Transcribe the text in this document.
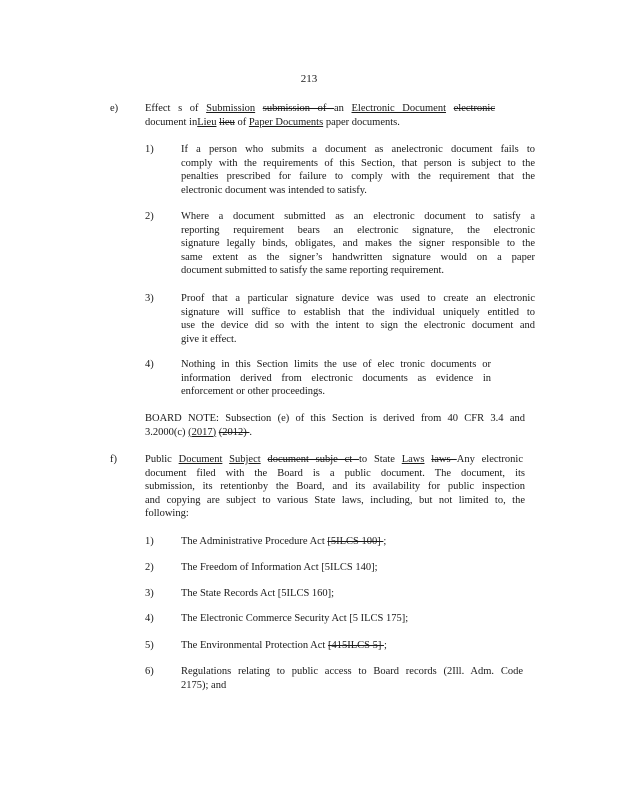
213
e)	Effect s of Submission submission of an Electronic Document electronic
document inLieu lieu of Paper Documents paper documents.
1)	If a person who submits a document as anelectronic document fails to
comply with the requirements of this Section, that person is subject to the
penalties prescribed for failure to comply with the requirement that the
electronic document was intended to satisfy.
2)	Where a document submitted as an electronic document to satisfy a
reporting requirement bears an electronic signature, the electronic
signature legally binds, obligates, and makes the signer responsible to the
same extent as the signer’s handwritten signature would on a paper
document submitted to satisfy the same reporting requirement.
3)	Proof that a particular signature device was used to create an electronic
signature will suffice to establish that the individual uniquely entitled to
use the device did so with the intent to sign the electronic document and
give it effect.
4)	Nothing in this Section limits the use of elec tronic documents or
information derived from electronic documents as evidence in
enforcement or other proceedings.
BOARD NOTE: Subsection (e) of this Section is derived from 40 CFR 3.4 and
3.2000(c) (2017) (2012) .
f)	Public Document Subject document subje ct to State Laws laws Any electronic
document filed with the Board is a public document. The document, its
submission, its retentionby the Board, and its availability for public inspection
and copying are subject to various State laws, including, but not limited to, the
following:
1)	The Administrative Procedure Act [5ILCS 100] ;
2)	The Freedom of Information Act [5ILCS 140];
3)	The State Records Act [5ILCS 160];
4)	The Electronic Commerce Security Act [5 ILCS 175];
5)	The Environmental Protection Act [415ILCS 5] ;
6)	Regulations relating to public access to Board records (2Ill. Adm. Code
2175); and
